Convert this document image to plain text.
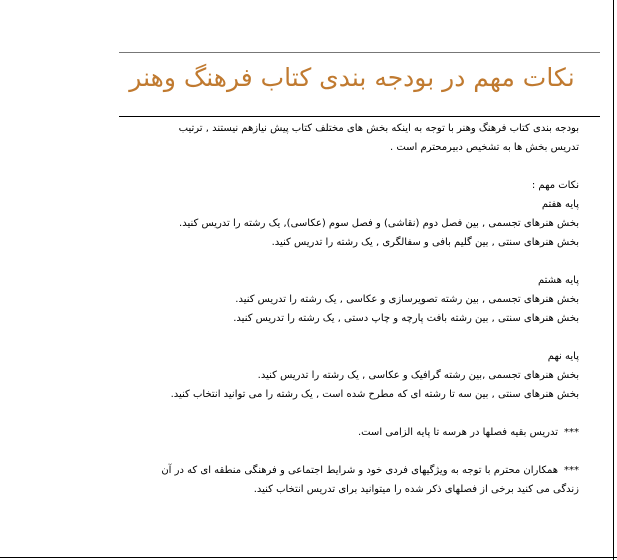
نکات مهم در بودجه بندی کتاب فرهنگ وهنر
بودجه بندی کتاب فرهنگ وهنر با توجه به اینکه بخش های مختلف کتاب پیش نیازهم نیستند , ترتیب
تدریس بخش ها به تشخیص دبیرمحترم است .
نکات مهم :
پایه هفتم
بخش هنرهای تجسمی , بین فصل دوم (نقاشی) و فصل سوم (عکاسی), یک رشته را تدریس کنید.
بخش هنرهای سنتی , بین گلیم بافی و سفالگری , یک رشته را تدریس کنید.
پایه هشتم
بخش هنرهای تجسمی , بین رشته تصویرسازی و عکاسی , یک رشته را تدریس کنید.
بخش هنرهای سنتی , بین رشته بافت پارچه و چاپ دستی , یک رشته را تدریس کنید.
پایه نهم
بخش هنرهای تجسمی ,بین رشته گرافیک و عکاسی , یک رشته را تدریس کنید.
بخش هنرهای سنتی , بین سه تا رشته ای که مطرح شده است , یک رشته را می توانید انتخاب کنید.
***تدریس بقیه فصلها در هرسه تا پایه الزامی است.
***همکاران محترم با توجه به ویژگیهای فردی خود و شرایط اجتماعی و فرهنگی منطقه ای که در آن
زندگی می کنید برخی از فصلهای ذکر شده را میتوانید برای تدریس انتخاب کنید.
